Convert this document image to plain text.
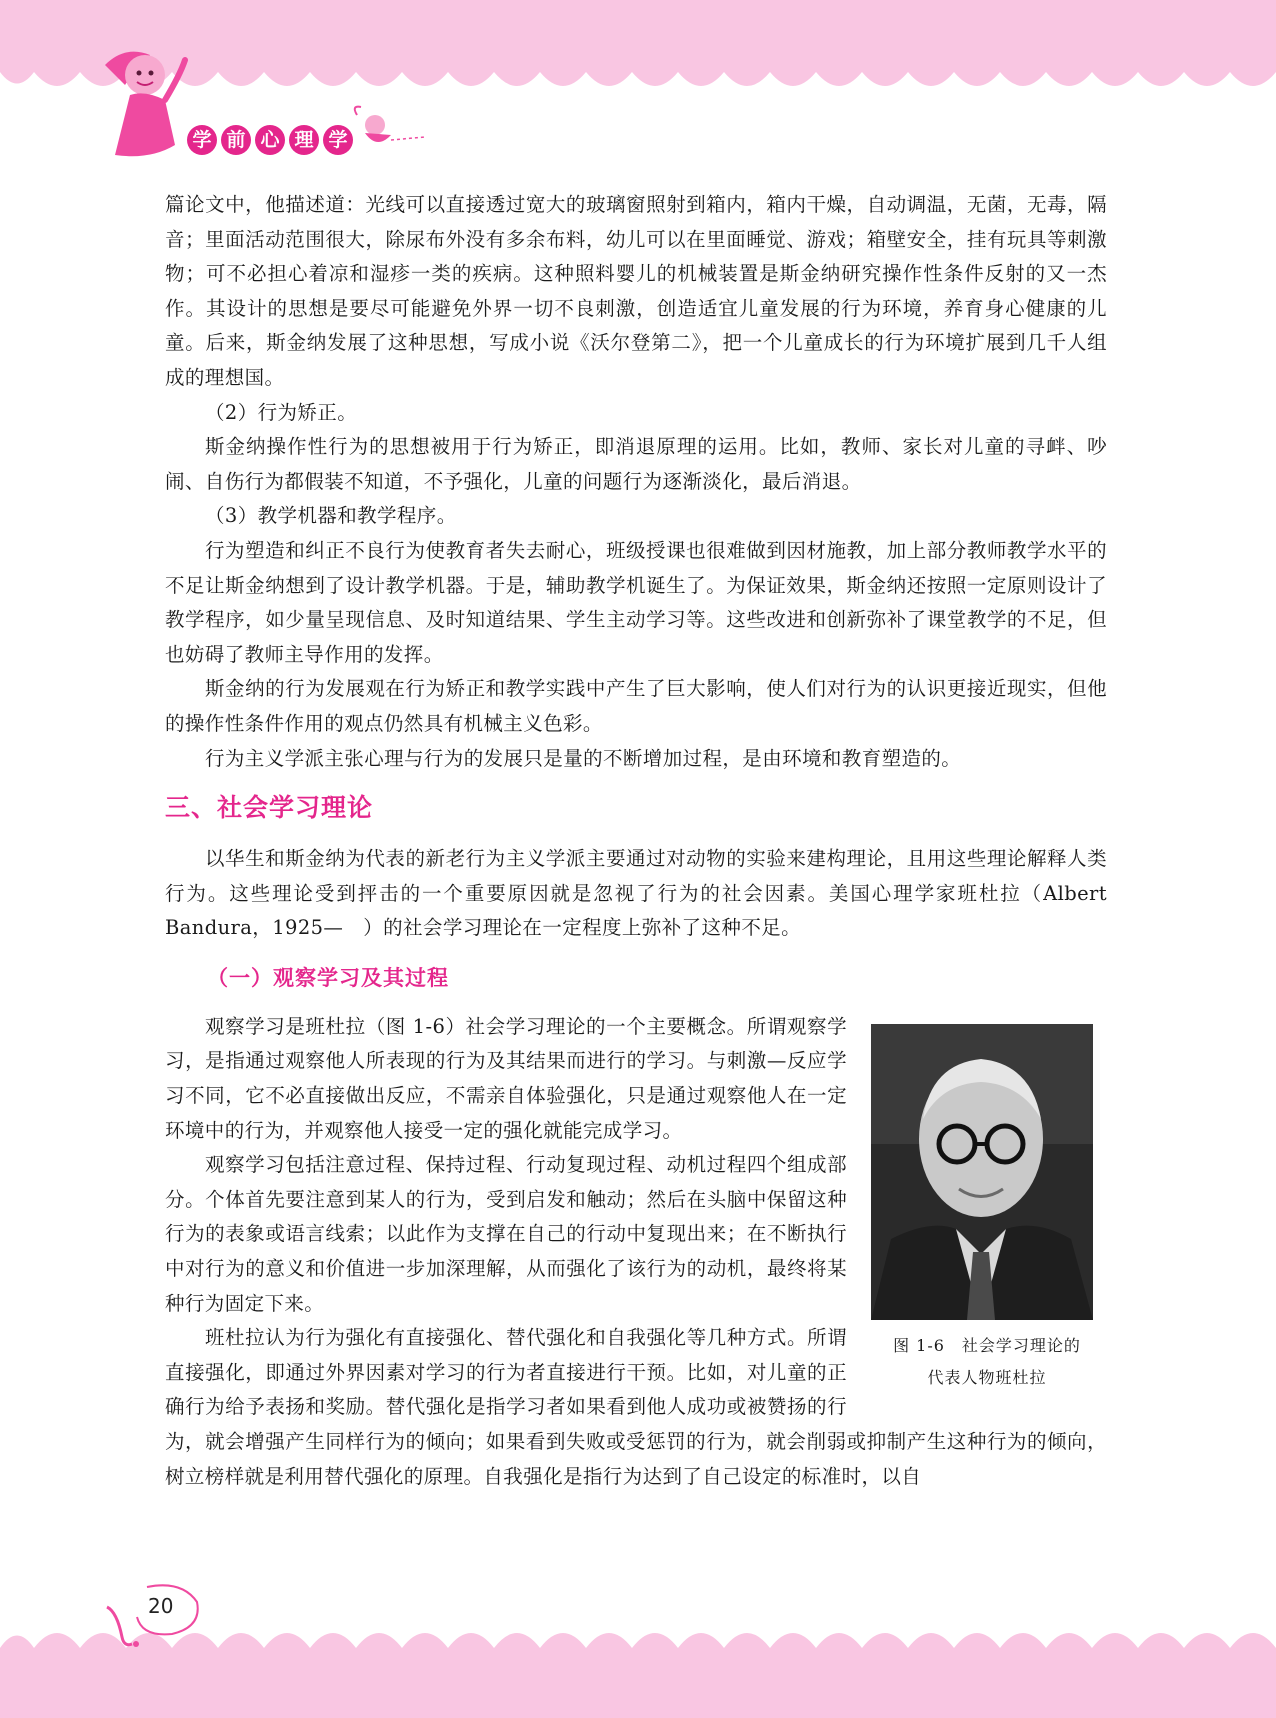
学 前 心 理 学

篇论文中，他描述道：光线可以直接透过宽大的玻璃窗照射到箱内，箱内干燥，自动调温，无菌，无毒，隔音；里面活动范围很大，除尿布外没有多余布料，幼儿可以在里面睡觉、游戏；箱壁安全，挂有玩具等刺激物；可不必担心着凉和湿疹一类的疾病。这种照料婴儿的机械装置是斯金纳研究操作性条件反射的又一杰作。其设计的思想是要尽可能避免外界一切不良刺激，创造适宜儿童发展的行为环境，养育身心健康的儿童。后来，斯金纳发展了这种思想，写成小说《沃尔登第二》，把一个儿童成长的行为环境扩展到几千人组成的理想国。

（2）行为矫正。

斯金纳操作性行为的思想被用于行为矫正，即消退原理的运用。比如，教师、家长对儿童的寻衅、吵闹、自伤行为都假装不知道，不予强化，儿童的问题行为逐渐淡化，最后消退。

（3）教学机器和教学程序。

行为塑造和纠正不良行为使教育者失去耐心，班级授课也很难做到因材施教，加上部分教师教学水平的不足让斯金纳想到了设计教学机器。于是，辅助教学机诞生了。为保证效果，斯金纳还按照一定原则设计了教学程序，如少量呈现信息、及时知道结果、学生主动学习等。这些改进和创新弥补了课堂教学的不足，但也妨碍了教师主导作用的发挥。

斯金纳的行为发展观在行为矫正和教学实践中产生了巨大影响，使人们对行为的认识更接近现实，但他的操作性条件作用的观点仍然具有机械主义色彩。

行为主义学派主张心理与行为的发展只是量的不断增加过程，是由环境和教育塑造的。

三、社会学习理论

以华生和斯金纳为代表的新老行为主义学派主要通过对动物的实验来建构理论，且用这些理论解释人类行为。这些理论受到抨击的一个重要原因就是忽视了行为的社会因素。美国心理学家班杜拉（Albert Bandura，1925—　）的社会学习理论在一定程度上弥补了这种不足。

（一）观察学习及其过程
图 1-6　社会学习理论的
代表人物班杜拉

观察学习是班杜拉（图 1-6）社会学习理论的一个主要概念。所谓观察学习，是指通过观察他人所表现的行为及其结果而进行的学习。与刺激—反应学习不同，它不必直接做出反应，不需亲自体验强化，只是通过观察他人在一定环境中的行为，并观察他人接受一定的强化就能完成学习。

观察学习包括注意过程、保持过程、行动复现过程、动机过程四个组成部分。个体首先要注意到某人的行为，受到启发和触动；然后在头脑中保留这种行为的表象或语言线索；以此作为支撑在自己的行动中复现出来；在不断执行中对行为的意义和价值进一步加深理解，从而强化了该行为的动机，最终将某种行为固定下来。

班杜拉认为行为强化有直接强化、替代强化和自我强化等几种方式。所谓直接强化，即通过外界因素对学习的行为者直接进行干预。比如，对儿童的正确行为给予表扬和奖励。替代强化是指学习者如果看到他人成功或被赞扬的行为，就会增强产生同样行为的倾向；如果看到失败或受惩罚的行为，就会削弱或抑制产生这种行为的倾向，树立榜样就是利用替代强化的原理。自我强化是指行为达到了自己设定的标准时，以自

20
